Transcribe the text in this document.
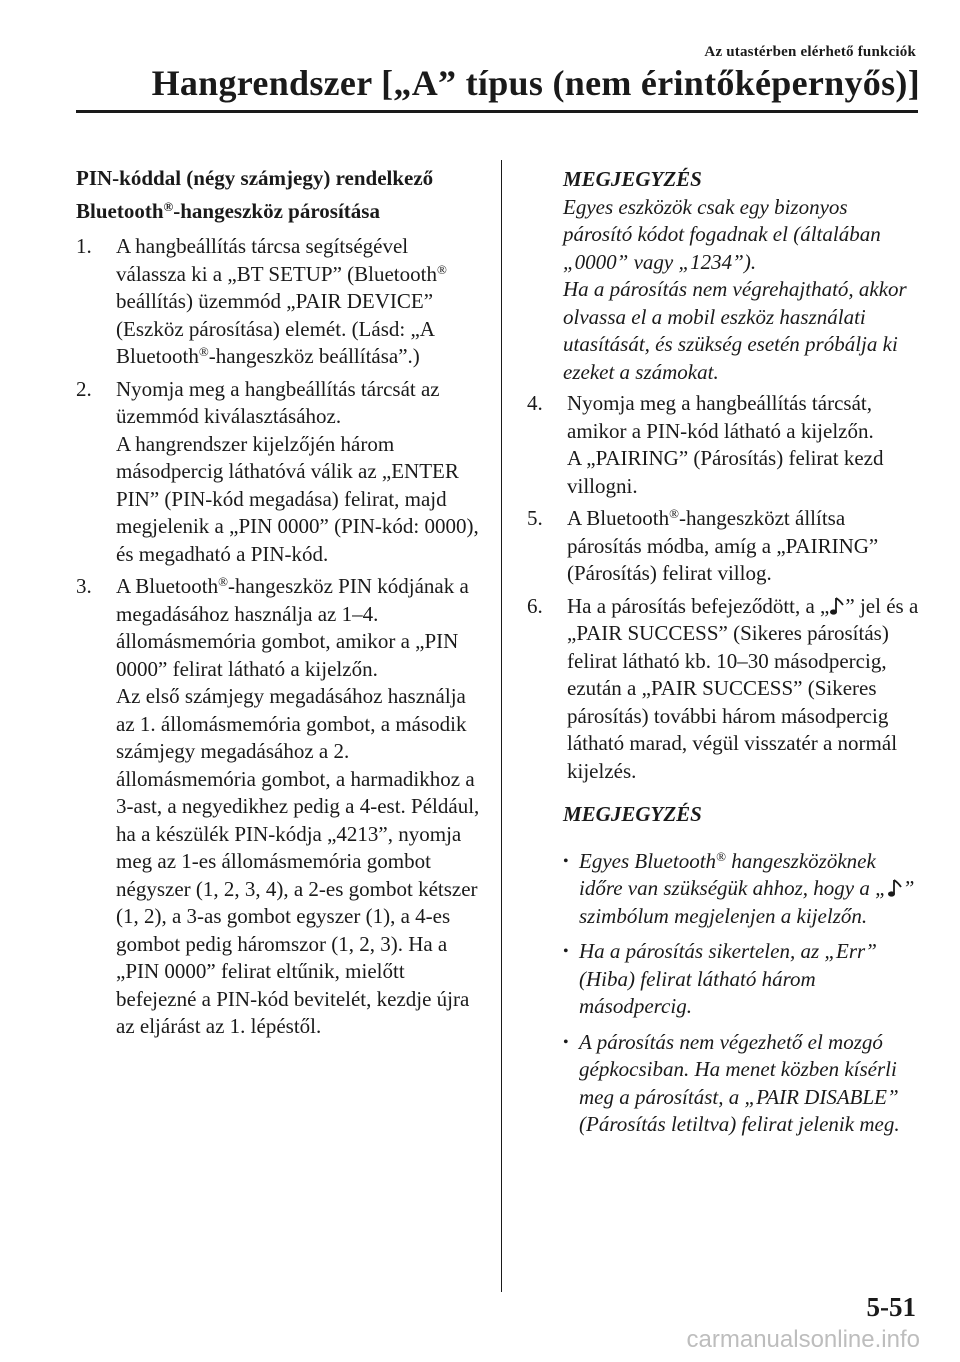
Az utastérben elérhető funkciók
Hangrendszer [„A” típus (nem érintőképernyős)]
PIN-kóddal (négy számjegy) rendelkező Bluetooth®-hangeszköz párosítása
1.	A hangbeállítás tárcsa segítségével válassza ki a „BT SETUP” (Bluetooth® beállítás) üzemmód „PAIR DEVICE” (Eszköz párosítása) elemét. (Lásd: „A Bluetooth®-hangeszköz beállítása”.)
2.	Nyomja meg a hangbeállítás tárcsát az üzemmód kiválasztásához.
A hangrendszer kijelzőjén három másodpercig láthatóvá válik az „ENTER PIN” (PIN-kód megadása) felirat, majd megjelenik a „PIN 0000” (PIN-kód: 0000), és megadható a PIN-kód.
3.	A Bluetooth®-hangeszköz PIN kódjának a megadásához használja az 1–4. állomásmemória gombot, amikor a „PIN 0000” felirat látható a kijelzőn.
Az első számjegy megadásához használja az 1. állomásmemória gombot, a második számjegy megadásához a 2. állomásmemória gombot, a harmadikhoz a 3-ast, a negyedikhez pedig a 4-est. Például, ha a készülék PIN-kódja „4213”, nyomja meg az 1-es állomásmemória gombot négyszer (1, 2, 3, 4), a 2-es gombot kétszer (1, 2), a 3-as gombot egyszer (1), a 4-es gombot pedig háromszor (1, 2, 3). Ha a „PIN 0000” felirat eltűnik, mielőtt befejezné a PIN-kód bevitelét, kezdje újra az eljárást az 1. lépéstől.
MEGJEGYZÉS
Egyes eszközök csak egy bizonyos párosító kódot fogadnak el (általában „0000” vagy „1234”).
Ha a párosítás nem végrehajtható, akkor olvassa el a mobil eszköz használati utasítását, és szükség esetén próbálja ki ezeket a számokat.
4.	Nyomja meg a hangbeállítás tárcsát, amikor a PIN-kód látható a kijelzőn.
A „PAIRING” (Párosítás) felirat kezd villogni.
5.	A Bluetooth®-hangeszközt állítsa párosítás módba, amíg a „PAIRING” (Párosítás) felirat villog.
6.	Ha a párosítás befejeződött, a „ ” jel és a „PAIR SUCCESS” (Sikeres párosítás) felirat látható kb. 10–30 másodpercig, ezután a „PAIR SUCCESS” (Sikeres párosítás) további három másodpercig látható marad, végül visszatér a normál kijelzés.
MEGJEGYZÉS
• Egyes Bluetooth® hangeszközöknek időre van szükségük ahhoz, hogy a „ ” szimbólum megjelenjen a kijelzőn.
• Ha a párosítás sikertelen, az „Err” (Hiba) felirat látható három másodpercig.
• A párosítás nem végezhető el mozgó gépkocsiban. Ha menet közben kísérli meg a párosítást, a „PAIR DISABLE” (Párosítás letiltva) felirat jelenik meg.
5-51
carmanualsonline.info
